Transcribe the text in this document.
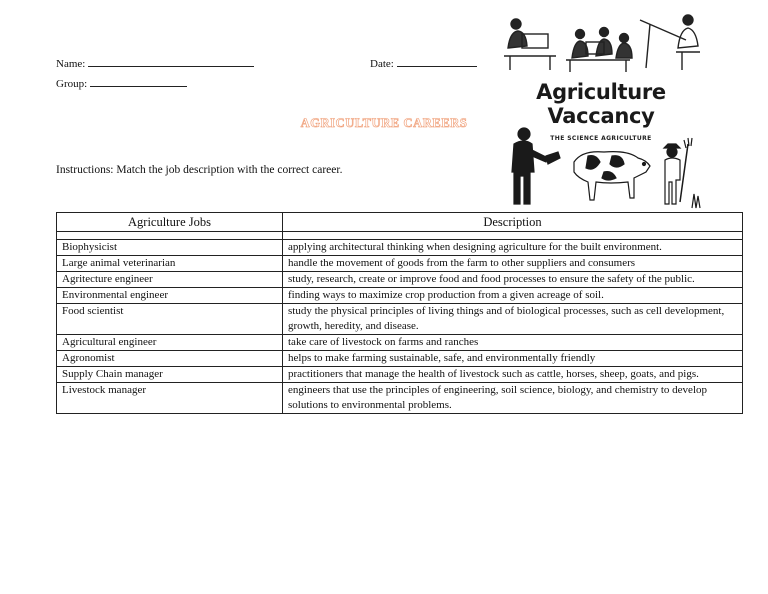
Name:	Date:
Group:	Agriculture
Vaccancy
THE SCIENCE AGRICULTURE
AGRICULTURE CAREERS
Instructions: Match the job description with the correct career.
Agriculture Jobs	Description

Biophysicist	applying architectural thinking when designing agriculture for the built environment.
Large animal veterinarian	handle the movement of goods from the farm to other suppliers and consumers
Agritecture engineer	study, research, create or improve food and food processes to ensure the safety of the public.
Environmental engineer	finding ways to maximize crop production from a given acreage of soil.
Food scientist	study the physical principles of living things and of biological processes, such as cell development, growth, heredity, and disease.
Agricultural engineer	take care of livestock on farms and ranches
Agronomist	helps to make farming sustainable, safe, and environmentally friendly
Supply Chain manager	practitioners that manage the health of livestock such as cattle, horses, sheep, goats, and pigs.
Livestock manager	engineers that use the principles of engineering, soil science, biology, and chemistry to develop solutions to environmental problems.
